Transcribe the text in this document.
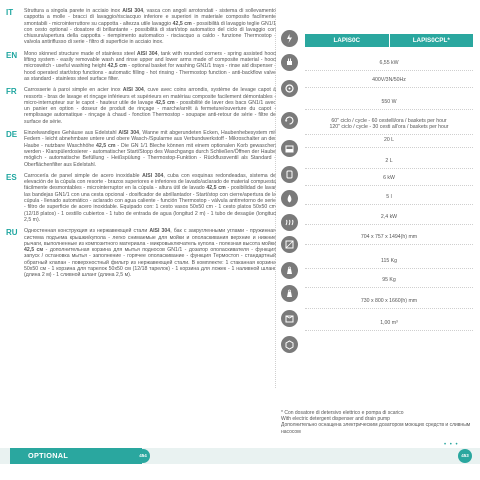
IT	Struttura a singola parete in acciaio inox AISI 304, vasca con angoli arrotondati - sistema di sollevamento cappotta a molle - bracci di lavaggio/risciacquo inferiore e superiori in materiale composito facilmente smontabili - microinterruttore su cappotta - altezza utile lavaggio 42,5 cm - possibilità di lavaggio teglie GN1/1 con cesto optional - dosatore di brillantante - possibilità di start/stop automatico del ciclo di lavaggio con chiusura/apertura della cappotta - riempimento automatico - risciacquo a caldo - funzione Thermostop - valvola antiriflusso di serie - filtro di superficie in acciaio inox.
EN	Mono skinned structure made of stainless steel AISI 304, tank with rounded corners - spring assisted hood lifting system - easily removable wash and rinse upper and lower arms made of composite material - hood microswitch - useful washing height 42,5 cm - optional basket for washing GN1/1 trays - rinse aid dispenser - hood operated start/stop functions - automatic filling - hot rinsing - Thermostop function - anti-backflow valve as standard - stainless steel surface filter.
FR	Carrosserie à paroi simple en acier inox AISI 304, cuve avec coins arrondis, système de levage capot à ressorts - bras de lavage et rinçage inférieurs et supérieurs en matériau composite facilement démontables - micro-interrupteur sur le capot - hauteur utile de lavage 42,5 cm - possibilité de laver des bacs GN1/1 avec un panier en option - doseur de produit de rinçage - marche/arrêt à fermeture/ouverture du capot - remplissage automatique - rinçage à chaud - fonction Thermostop - soupape anti-retour de série - filtre de surface de série.
DE	Einzelwandiges Gehäuse aus Edelstahl AISI 304, Wanne mit abgerundeten Ecken, Haubenhebesystem mit Federn - leicht abnehmbare untere und obere Wasch-/Spularme aus Verbundwerkstoff - Mikroschalter an der Haube - nutzbare Waschhöhe 42,5 cm - Die GN 1/1 Bleche können mit einem optionalen Korb gewaschen werden - Klarspülerdosierer - automatischer Start/Stopp des Waschgangs durch Schließen/Öffnen der Haube möglich - automatische Befüllung - Heißspülung - Thermostop-Funktion - Rückflussventil als Standard - Oberflächenfilter aus Edelstahl.
ES	Carrocería de panel simple de acero inoxidable AISI 304, cuba con esquinas redondeadas, sistema de elevación de la cúpula con resorte - brazos superiores e inferiores de lavado/aclarado de material compuesta fácilmente desmontables - microinterruptor en la cúpula - altura útil de lavado 42,5 cm - posibilidad de lavar las bandejas GN1/1 con una cesta opcional - dosificador de abrillantador - Start/stop con cierre/apertura de la cúpula - llenado automático - aclarado con agua caliente - función Thermostop - válvula antirretorno de serie - filtro de superficie de acero inoxidable. Equipado con: 1 cesto vasos 50x50 cm - 1 cesto platos 50x50 cm (12/18 platos) - 1 cestillo cubiertos - 1 tubo de entrada de agua (longitud 2 m) - 1 tubo de desagüe (longitud 2,5 m).
RU	Одностенная конструкция из нержавеющей стали AISI 304, бак с закругленными углами - пружинная система подъема крышки/купола - легко снимаемые для мойки и ополаскивания верхние и нижние рычаги, выполненные из композитного материала - микровыключатель купола - полезная высота мойки 42,5 см - дополнительная корзина для мытья подносов GN1/1 - дозатор ополаскивателя - функция запуск / остановка мытья - заполнение - горячее ополаскивание - функция Термостоп - стандартный обратный клапан - поверхностный фильтр из нержавеющей стали. В комплекте: 1 стаканная корзина 50x50 см - 1 корзина для тарелок 50x50 см (12/18 тарелок) - 1 корзина для ложек - 1 наливной шланг (длина 2 м) - 1 сливной шланг (длина 2,5 м).
LAPIS0C	LAPIS0CPL*
6,55 kW
400V/3N/50Hz
550 W
60" ciclo / cycle - 60 cestelli/ora / baskets per hour
120" ciclo / cycle - 30 cesti all'ora / baskets per hour
20 L
2 L
6 kW
5 l
2,4 kW
704 x 757 x 1494(h) mm
115 Kg
95 Kg
730 x 800 x 1660(h) mm
1,00 m³
* Con dosatore di detersivo elettrico e pompa di scarico
With electric detergent dispenser and drain pump
Дополнительно оснащена электрическим дозатором моющих средств и сливным насосом
OPTIONAL	454
• • •
453
